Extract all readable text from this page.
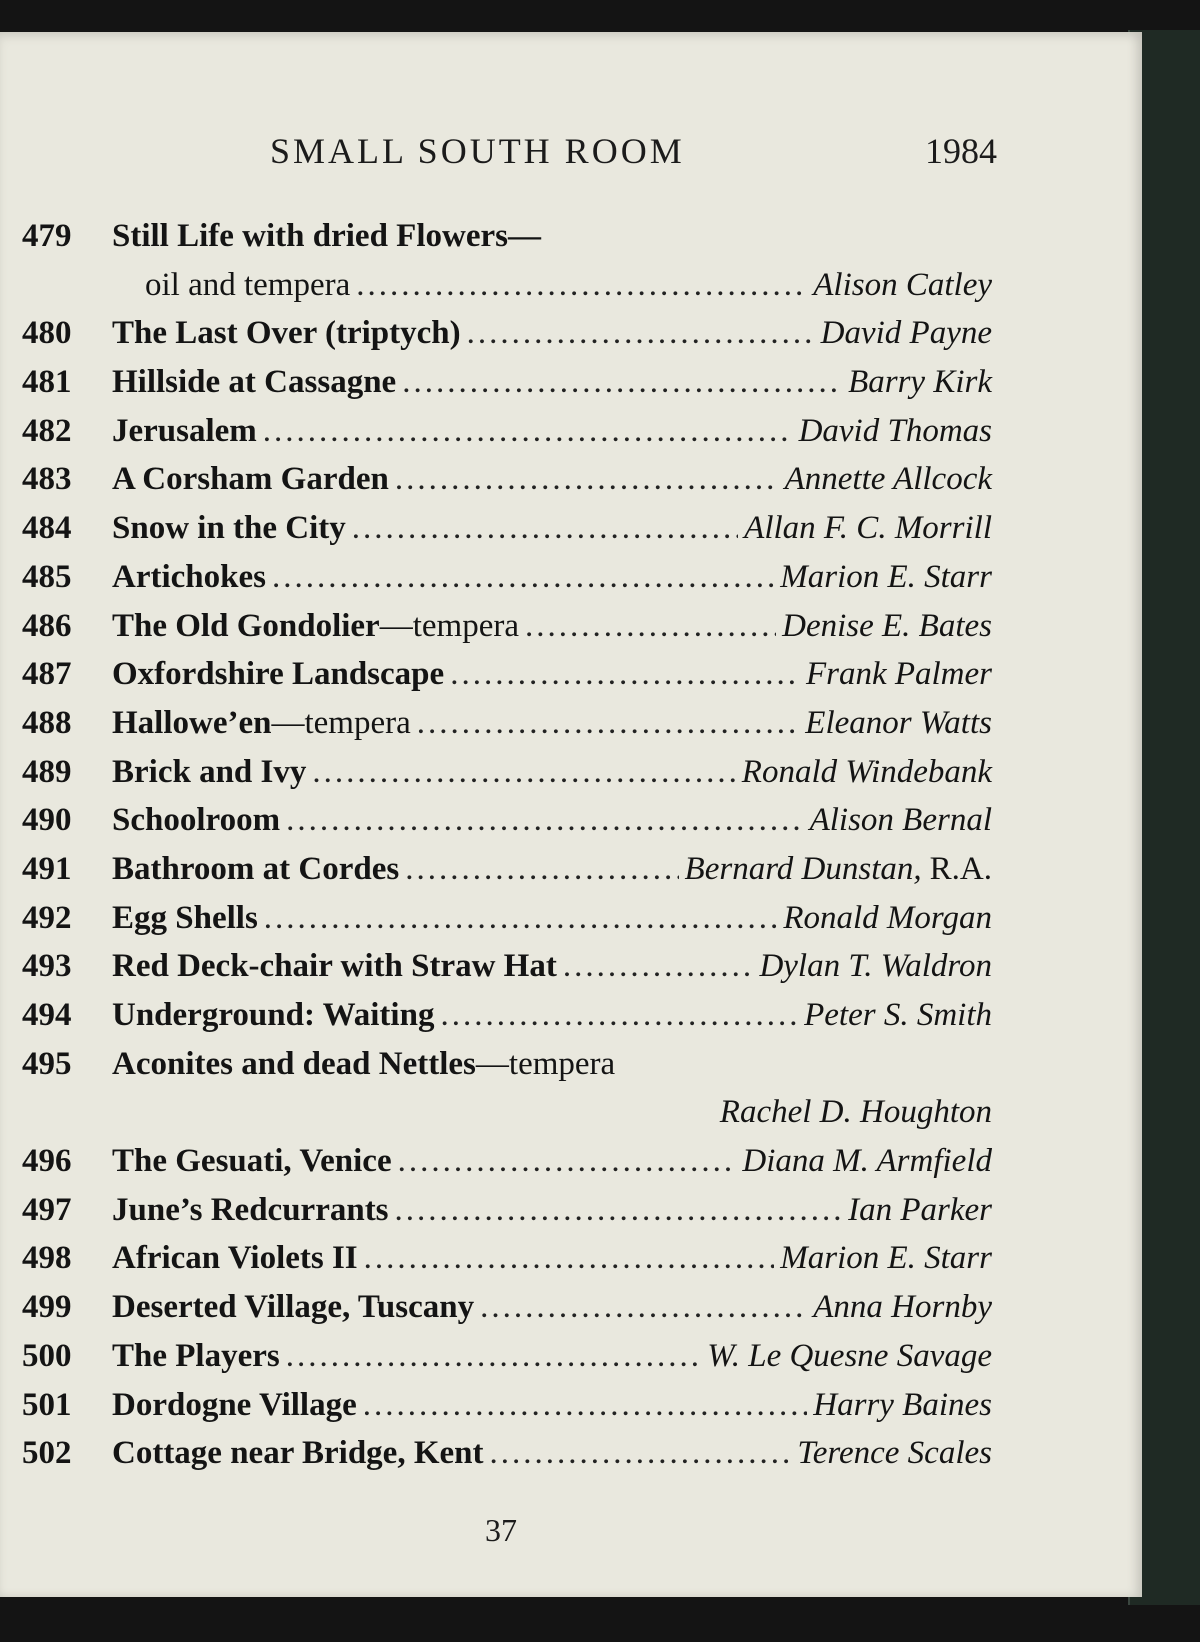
SMALL SOUTH ROOM	1984
479 Still Life with dried Flowers—
oil and tempera .....	Alison Catley
480 The Last Over (triptych) .....	David Payne
481 Hillside at Cassagne .....	Barry Kirk
482 Jerusalem .....	David Thomas
483 A Corsham Garden .....	Annette Allcock
484 Snow in the City .....	Allan F. C. Morrill
485 Artichokes .....	Marion E. Starr
486 The Old Gondolier —tempera .....	Denise E. Bates
487 Oxfordshire Landscape .....	Frank Palmer
488 Hallowe’en —tempera .....	Eleanor Watts
489 Brick and Ivy .....	Ronald Windebank
490 Schoolroom .....	Alison Bernal
491 Bathroom at Cordes .....	Bernard Dunstan, R.A.
492 Egg Shells .....	Ronald Morgan
493 Red Deck-chair with Straw Hat .....	Dylan T. Waldron
494 Underground: Waiting .....	Peter S. Smith
495 Aconites and dead Nettles —tempera
Rachel D. Houghton
496 The Gesuati, Venice .....	Diana M. Armfield
497 June’s Redcurrants .....	Ian Parker
498 African Violets II .....	Marion E. Starr
499 Deserted Village, Tuscany .....	Anna Hornby
500 The Players .....	W. Le Quesne Savage
501 Dordogne Village .....	Harry Baines
502 Cottage near Bridge, Kent .....	Terence Scales
37
